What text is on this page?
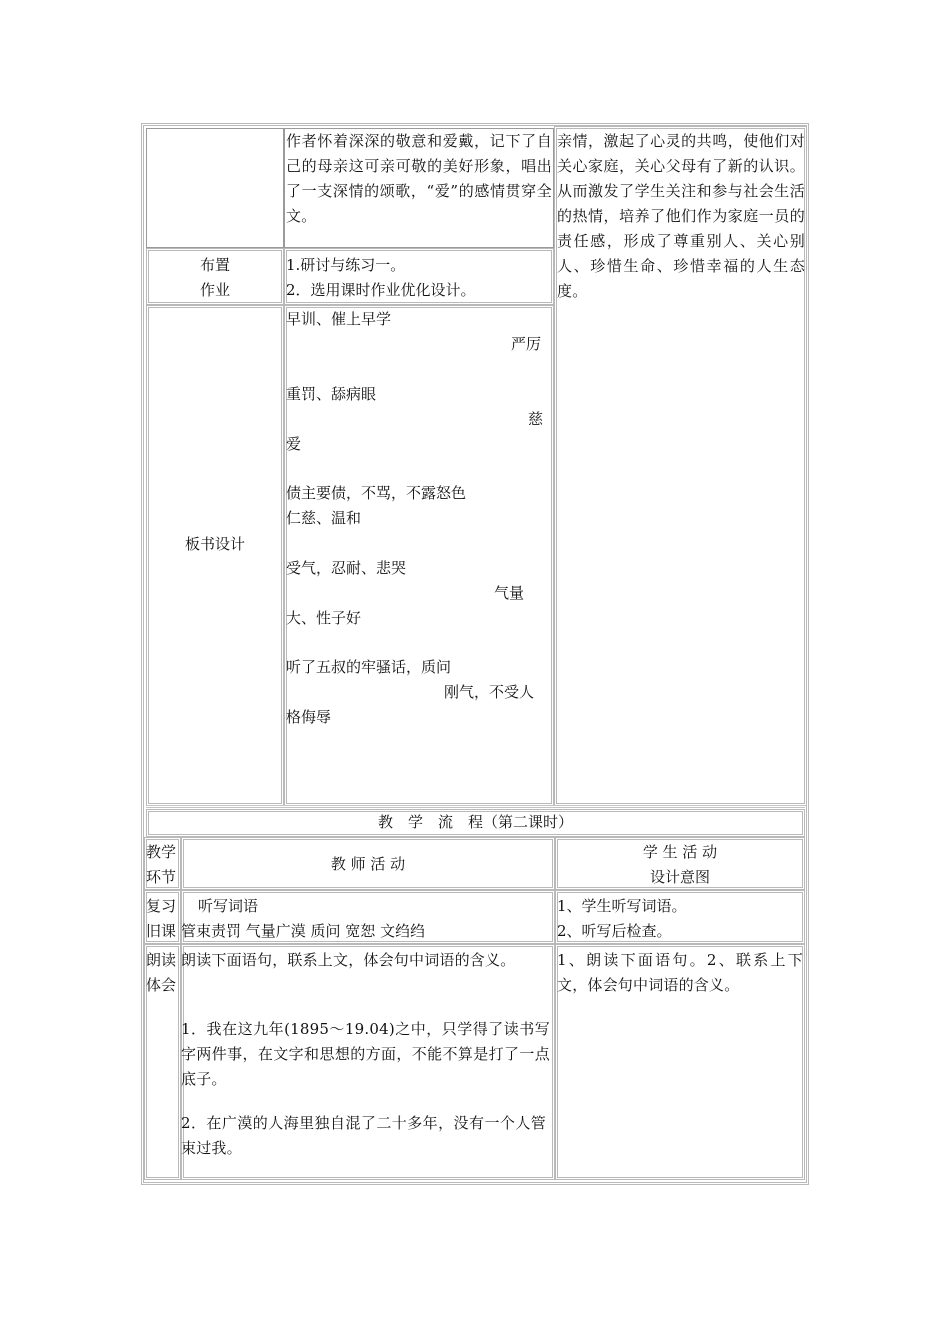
作者怀着深深的敬意和爱戴，记下了自己的母亲这可亲可敬的美好形象，唱出了一支深情的颂歌，“爱”的感情贯穿全文。
亲情，激起了心灵的共鸣，使他们对关心家庭，关心父母有了新的认识。从而激发了学生关注和参与社会生活的热情，培养了他们作为家庭一员的责任感，形成了尊重别人、关心别人、珍惜生命、珍惜幸福的人生态度。
布置
作业
1.研讨与练习一。
2．选用课时作业优化设计。
板书设计
早训、催上早学
严厉
重罚、舔病眼
慈
爱
债主要债，不骂，不露怒色
仁慈、温和
受气，忍耐、悲哭
气量
大、性子好
听了五叔的牢骚话，质问
刚气，不受人
格侮辱
教　学　流　程（第二课时）
教学
环节
教 师 活 动
学 生 活 动
设计意图
复习
旧课
　听写词语
管束责罚 气量广漠 质问 宽恕 文绉绉
1、学生听写词语。
2、听写后检查。
朗读
体会
朗读下面语句，联系上文，体会句中词语的含义。
1．我在这九年(1895～19.04)之中，只学得了读书写字两件事，在文字和思想的方面，不能不算是打了一点底子。
2．在广漠的人海里独自混了二十多年，没有一个人管束过我。
1、朗读下面语句。2、联系上下文，体会句中词语的含义。
